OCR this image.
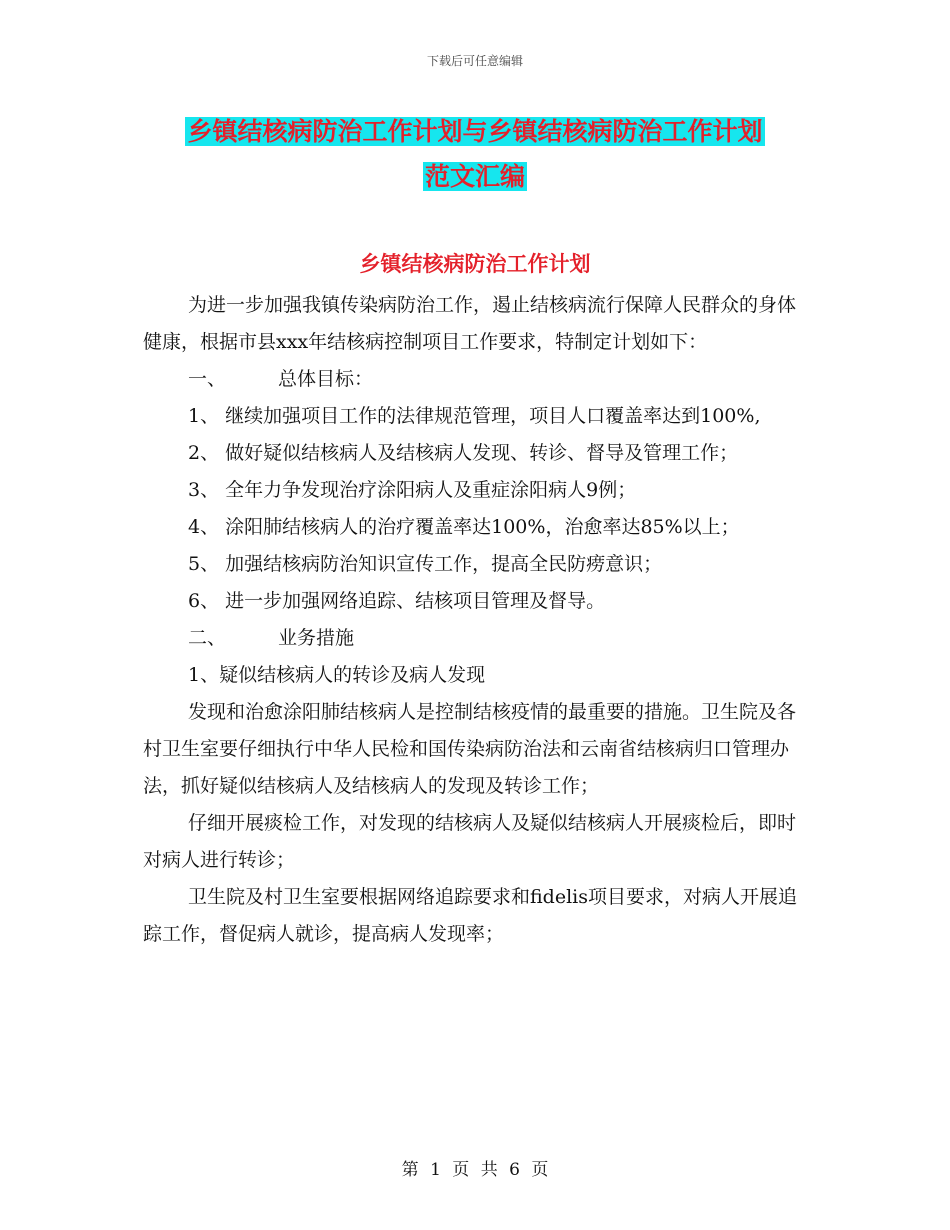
下载后可任意编辑
乡镇结核病防治工作计划与乡镇结核病防治工作计划
范文汇编
乡镇结核病防治工作计划

为进一步加强我镇传染病防治工作，遏止结核病流行保障人民群众的身体健康，根据市县xxx年结核病控制项目工作要求，特制定计划如下：

一、	总体目标：

1、 继续加强项目工作的法律规范管理，项目人口覆盖率达到100%,

2、 做好疑似结核病人及结核病人发现、转诊、督导及管理工作；

3、 全年力争发现治疗涂阳病人及重症涂阳病人9例；

4、 涂阳肺结核病人的治疗覆盖率达100%，治愈率达85%以上；

5、 加强结核病防治知识宣传工作，提高全民防痨意识；

6、 进一步加强网络追踪、结核项目管理及督导。

二、	业务措施

1、疑似结核病人的转诊及病人发现

发现和治愈涂阳肺结核病人是控制结核疫情的最重要的措施。卫生院及各村卫生室要仔细执行中华人民检和国传染病防治法和云南省结核病归口管理办法，抓好疑似结核病人及结核病人的发现及转诊工作；

仔细开展痰检工作，对发现的结核病人及疑似结核病人开展痰检后，即时对病人进行转诊；

卫生院及村卫生室要根据网络追踪要求和fidelis项目要求，对病人开展追踪工作，督促病人就诊，提高病人发现率；

第 1 页 共 6 页
